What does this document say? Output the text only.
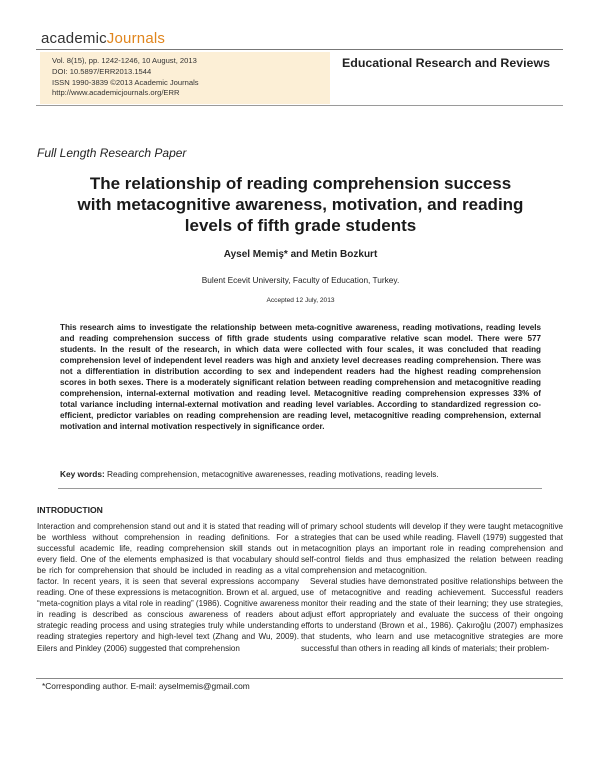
academicJournals
Vol. 8(15), pp. 1242-1246, 10 August, 2013
DOI: 10.5897/ERR2013.1544
ISSN 1990-3839 ©2013 Academic Journals
http://www.academicjournals.org/ERR
Educational Research and Reviews
Full Length Research Paper
The relationship of reading comprehension success
with metacognitive awareness, motivation, and reading
levels of fifth grade students
Aysel Memiş* and Metin Bozkurt
Bulent Ecevit University, Faculty of Education, Turkey.
Accepted 12 July, 2013
This research aims to investigate the relationship between meta-cognitive awareness, reading motivations, reading levels and reading comprehension success of fifth grade students using comparative relative scan model. There were 577 students. In the result of the research, in which data were collected with four scales, it was concluded that reading comprehension level of independent level readers was high and anxiety level decreases reading comprehension. There was not a differentiation in distribution according to sex and independent readers had the highest reading comprehension scores in both sexes. There is a moderately significant relation between reading comprehension and metacognitive reading comprehension, internal-external motivation and reading level. Metacognitive reading comprehension expresses 33% of total variance including internal-external motivation and reading level variables. According to standardized regression co-efficient, predictor variables on reading comprehension are reading level, metacognitive reading comprehension, external motivation and internal motivation respectively in significance order.
Key words: Reading comprehension, metacognitive awarenesses, reading motivations, reading levels.
INTRODUCTION

Interaction and comprehension stand out and it is stated that reading will be worthless without comprehension in reading definitions. For a successful academic life, reading comprehension skill stands out in every field. One of the elements emphasized is that vocabulary should be rich for comprehension that should be included in reading as a vital factor. In recent years, it is seen that several expressions accompany reading. One of these expressions is metacognition. Brown et al. argued, “meta-cognition plays a vital role in reading” (1986). Cognitive awareness in reading is described as conscious awareness of readers about strategic reading process and using strategies truly while understanding reading strategies repertory and high-level text (Zhang and Wu, 2009). Eilers and Pinkley (2006) suggested that comprehension

of primary school students will develop if they were taught metacognitive strategies that can be used while reading. Flavell (1979) suggested that metacognition plays an important role in reading comprehension and self-control fields and thus emphasized the relation between reading comprehension and metacognition.

Several studies have demonstrated positive relationships between the use of metacognitive and reading achievement. Successful readers monitor their reading and the state of their learning; they use strategies, adjust effort appropriately and evaluate the success of their ongoing efforts to understand (Brown et al., 1986). Çakıroğlu (2007) emphasizes that students, who learn and use metacognitive strategies are more successful than others in reading all kinds of materials; their problem-

*Corresponding author. E-mail: ayselmemis@gmail.com
